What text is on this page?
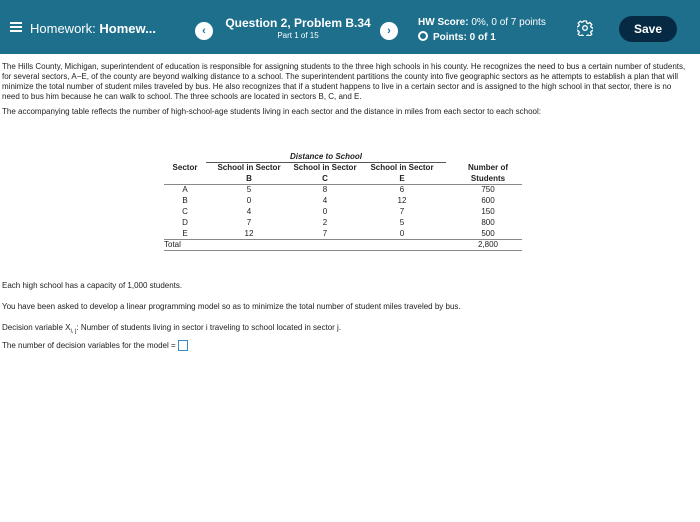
Homework: Homew...	‹
Question 2, Problem B.34
Part 1 of 15	›
HW Score: 0%, 0 of 7 points
Points: 0 of 1
Save

The Hills County, Michigan, superintendent of education is responsible for assigning students to the three high schools in his county. He recognizes the need to bus a certain number of students, for several sectors, A−E, of the county are beyond walking distance to a school. The superintendent partitions the county into five geographic sectors as he attempts to establish a plan that will minimize the total number of student miles traveled by bus. He also recognizes that if a student happens to live in a certain sector and is assigned to the high school in that sector, there is no need to bus him because he can walk to school. The three schools are located in sectors B, C, and E.

The accompanying table reflects the number of high-school-age students living in each sector and the distance in miles from each sector to each school:

	Distance to School				
Sector	School in Sector	School in Sector	School in Sector		Number of
	B	C	E		Students
A	5	8	6		750
B	0	4	12		600
C	4	0	7		150
D	7	2	5		800
E	12	7	0		500
Total					2,800
Each high school has a capacity of 1,000 students.
You have been asked to develop a linear programming model so as to minimize the total number of student miles traveled by bus.
Decision variable $X_{i, j}$: Number of students living in sector i traveling to school located in sector j.
The number of decision variables for the model =
